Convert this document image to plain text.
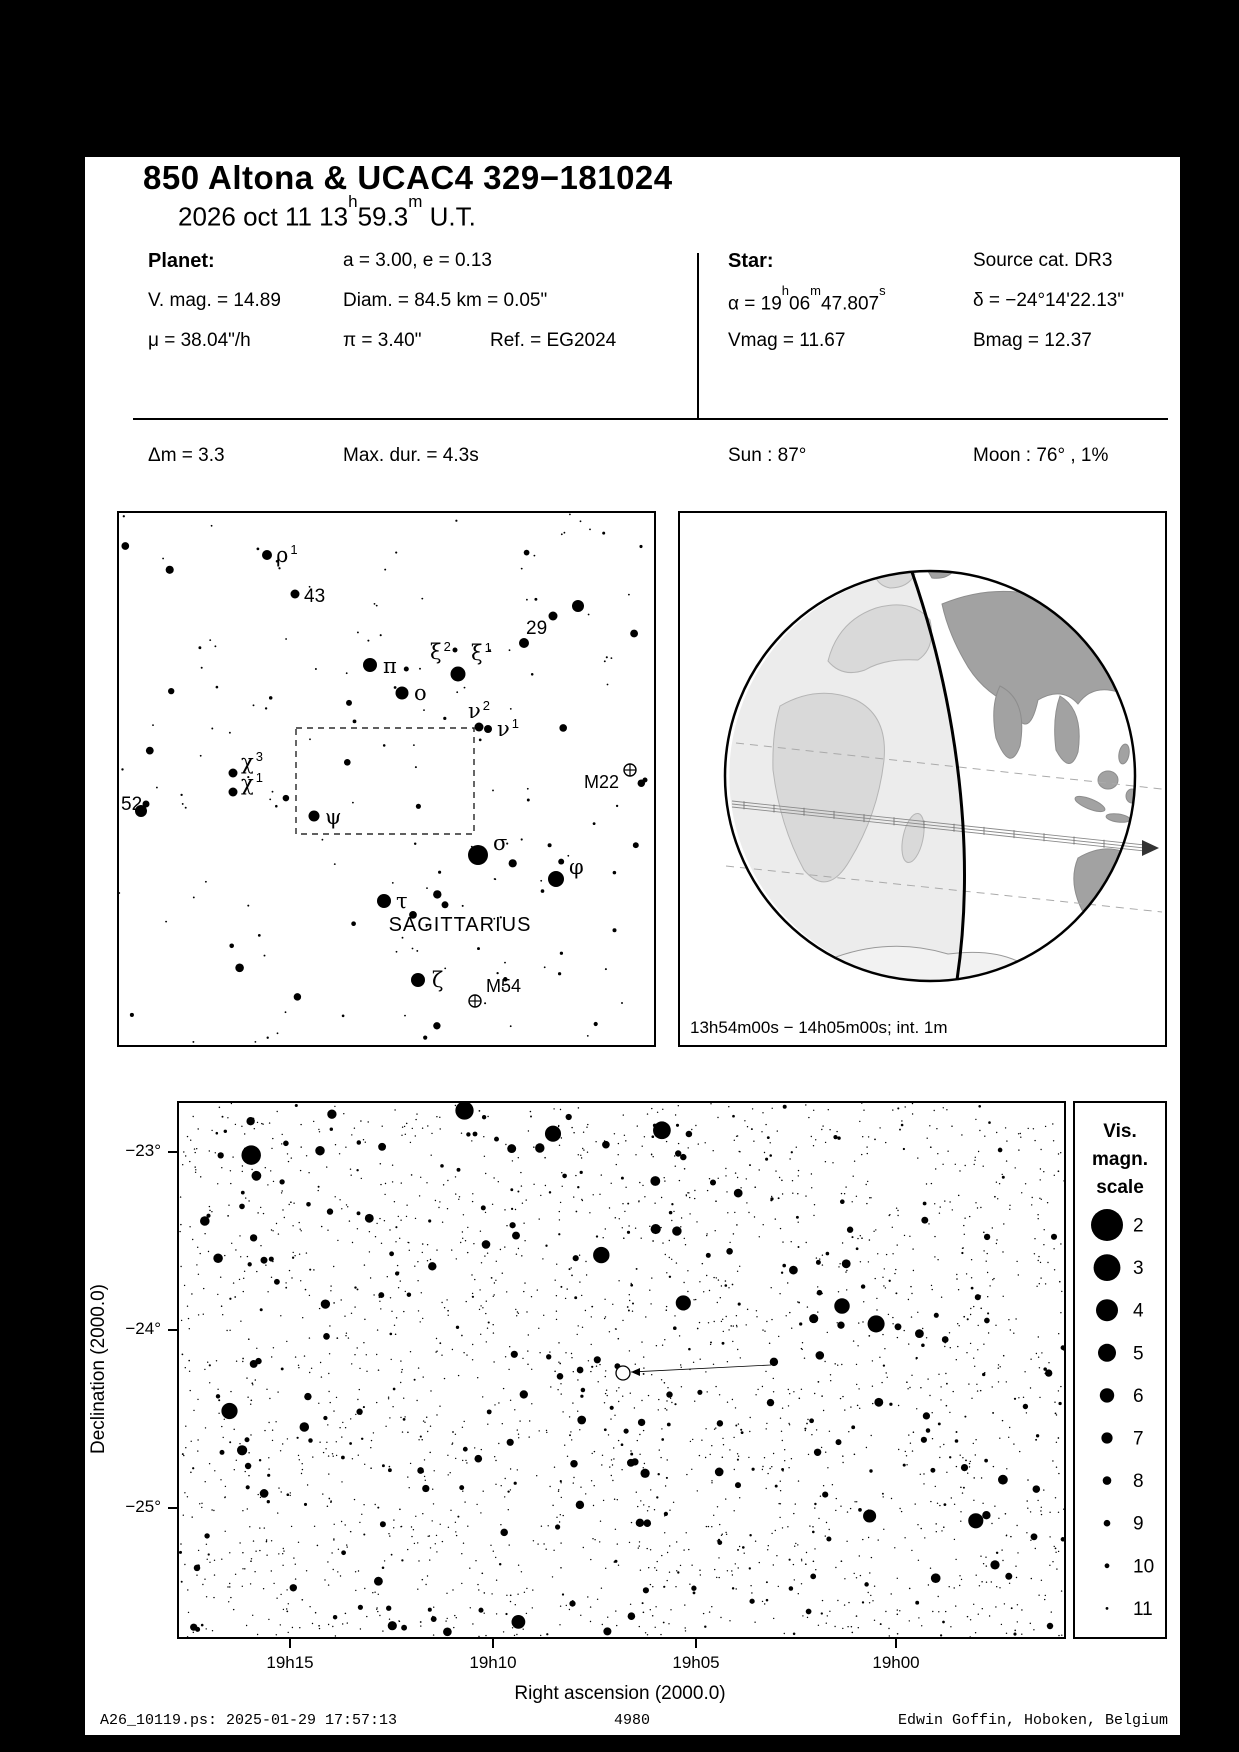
850 Altona & UCAC4 329−181024
2026 oct 11 13$^h$59.3$^m$ U.T.
Planet:	a = 3.00, e = 0.13	Star:	Source cat. DR3
V. mag. = 14.89	Diam. = 84.5 km = 0.05"	$\alpha = 19^h06^m47.807^s$	δ = −24°14'22.13"
μ = 38.04"/h	π = 3.40"	Ref. = EG2024	Vmag = 11.67	Bmag = 12.37
Δm = 3.3	Max. dur. = 4.3s	Sun : 87°	Moon : 76° , 1%
ρ $^1$
43
29
π
ξ $^2$ ξ $^1$
ο
ν $^2$
ν $^1$
χ $^3$
χ $^1$
52
ψ
σ
φ
τ
ζ
M22
M54
SAGITTARIUS
13h54m00s − 14h05m00s; int. 1m
19h15	19h10	19h05	19h00
−23°
−24°
−25°
Right ascension (2000.0)
Declination (2000.0)
Vis.
magn.
scale
2
3
4
5
6
7
8
9
10
11
A26_10119.ps: 2025-01-29 17:57:13	4980	Edwin Goffin, Hoboken, Belgium
